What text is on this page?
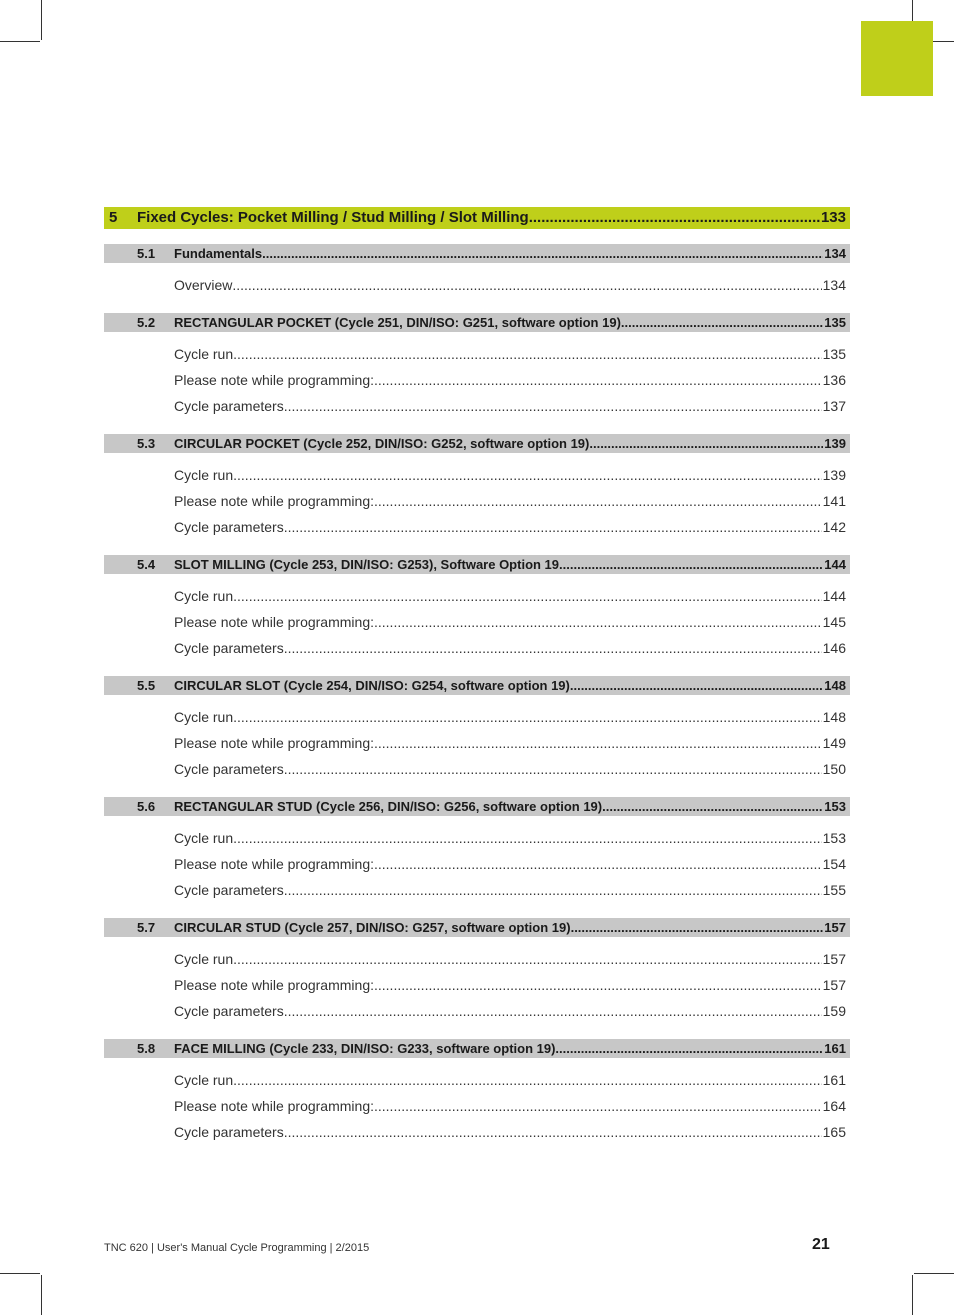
5	Fixed Cycles: Pocket Milling / Stud Milling / Slot Milling .....	133
5.1	Fundamentals .....	134
Overview .....	134
5.2	RECTANGULAR POCKET (Cycle 251, DIN/ISO: G251, software option 19) .....	135
Cycle run .....	135
Please note while programming: .....	136
Cycle parameters .....	137
5.3	CIRCULAR POCKET (Cycle 252, DIN/ISO: G252, software option 19) .....	139
Cycle run .....	139
Please note while programming: .....	141
Cycle parameters .....	142
5.4	SLOT MILLING (Cycle 253, DIN/ISO: G253), Software Option 19 .....	144
Cycle run .....	144
Please note while programming: .....	145
Cycle parameters .....	146
5.5	CIRCULAR SLOT (Cycle 254, DIN/ISO: G254, software option 19) .....	148
Cycle run .....	148
Please note while programming: .....	149
Cycle parameters .....	150
5.6	RECTANGULAR STUD (Cycle 256, DIN/ISO: G256, software option 19) .....	153
Cycle run .....	153
Please note while programming: .....	154
Cycle parameters .....	155
5.7	CIRCULAR STUD (Cycle 257, DIN/ISO: G257, software option 19) .....	157
Cycle run .....	157
Please note while programming: .....	157
Cycle parameters .....	159
5.8	FACE MILLING (Cycle 233, DIN/ISO: G233, software option 19) .....	161
Cycle run .....	161
Please note while programming: .....	164
Cycle parameters .....	165
TNC 620 | User's Manual Cycle Programming | 2/2015	21
